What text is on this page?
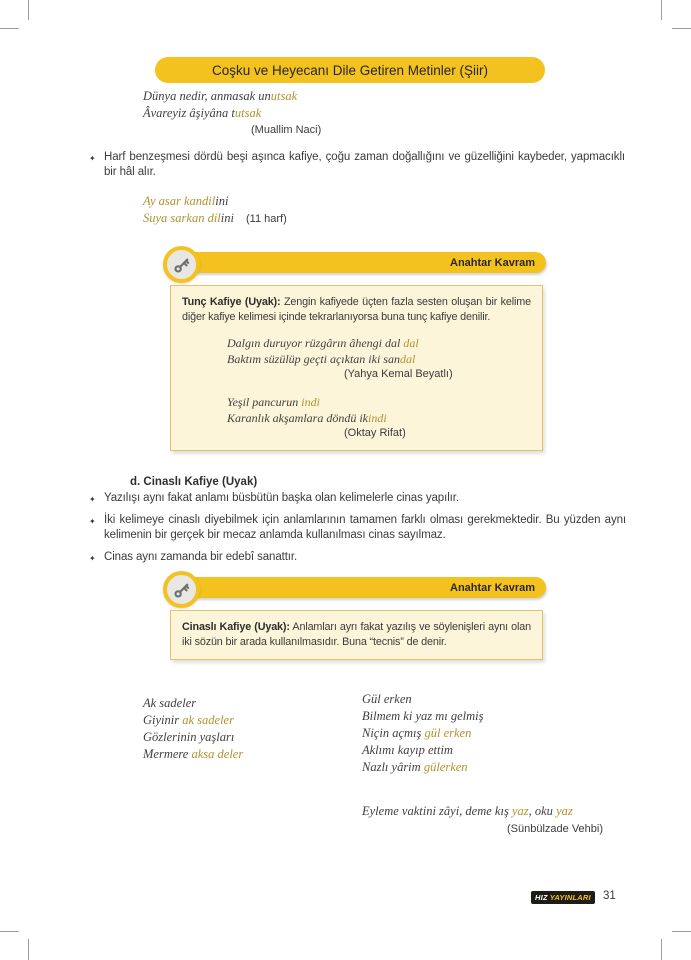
Coşku ve Heyecanı Dile Getiren Metinler (Şiir)
Dünya nedir, anmasak unutsak
Âvareyiz âşiyâna tutsak
(Muallim Naci)
✦ Harf benzeşmesi dördü beşi aşınca kafiye, çoğu zaman doğallığını ve güzelliğini kaybeder, yapmacıklı bir hâl alır.
Ay asar kandilini
Suya sarkan dilini (11 harf)
Anahtar Kavram
Tunç Kafiye (Uyak): Zengin kafiyede üçten fazla sesten oluşan bir kelime diğer kafiye kelimesi içinde tekrarlanıyorsa buna tunç kafiye denilir.
Dalgın duruyor rüzgârın âhengi dal dal
Baktım süzülüp geçti açıktan iki sandal
(Yahya Kemal Beyatlı)
Yeşil pancurun indi
Karanlık akşamlara döndü ikindi
(Oktay Rifat)
d. Cinaslı Kafiye (Uyak)
✦ Yazılışı aynı fakat anlamı büsbütün başka olan kelimelerle cinas yapılır.
✦ İki kelimeye cinaslı diyebilmek için anlamlarının tamamen farklı olması gerekmektedir. Bu yüzden aynı kelimenin bir gerçek bir mecaz anlamda kullanılması cinas sayılmaz.
✦ Cinas aynı zamanda bir edebî sanattır.
Anahtar Kavram
Cinaslı Kafiye (Uyak): Anlamları ayrı fakat yazılış ve söylenişleri aynı olan iki sözün bir arada kullanılmasıdır. Buna “tecnis” de denir.
Ak sadeler
Giyinir ak sadeler
Gözlerinin yaşları
Mermere aksa deler
Gül erken
Bilmem ki yaz mı gelmiş
Niçin açmış gül erken
Aklımı kayıp ettim
Nazlı yârim gülerken
Eyleme vaktini zâyi, deme kış yaz, oku yaz
(Sünbülzade Vehbi)
HIZ YAYINLARI 31
